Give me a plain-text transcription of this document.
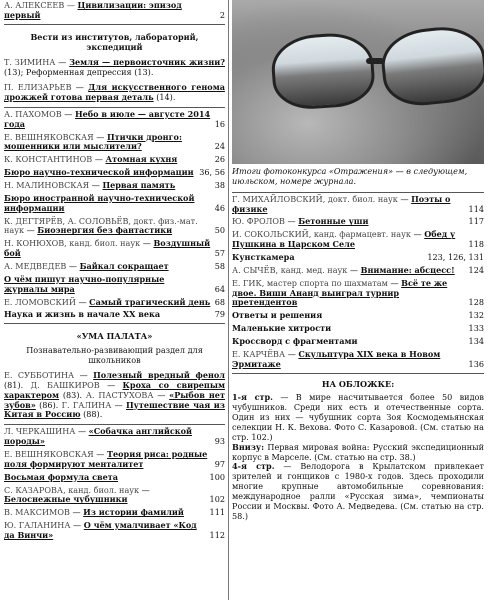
А. АЛЕКСЕЕВ — Цивилизации: эпизод первый	2
Вести из институтов, лабораторий, экспедиций
Т. ЗИМИНА — Земля — первоисточник жизни? (13); Реформенная депрессия (13).
П. ЕЛИЗАРЬЕВ — Для искусственного генома дрожжей готова первая деталь (14).
А. ПАХОМОВ — Небо в июле — августе 2014 года	16
Е. ВЕШНЯКОВСКАЯ — Птички дронго: мошенники или мыслители?	24
К. КОНСТАНТИНОВ — Атомная кухня	26
Бюро научно-технической информации 36, 56
Н. МАЛИНОВСКАЯ — Первая память	38
Бюро иностранной научно-технической информации	46
К. ДЕГТЯРЁВ, А. СОЛОВЬЁВ, докт. физ.-мат. наук — Биоэнергия без фантастики	50
Н. КОНЮХОВ, канд. биол. наук — Воздушный бой	57
А. МЕДВЕДЕВ — Байкал сокращает	58
О чём пишут научно-популярные журналы мира	64
Е. ЛОМОВСКИЙ — Самый трагический день 68
Наука и жизнь в начале XX века	79
«УМА ПАЛАТА»
Познавательно-развивающий раздел для школьников
Е. СУББОТИНА — Полезный вредный фенол (81). Д. БАШКИРОВ — Кроха со свирепым характером (83). А. ПАСТУХОВА — «Рыбов нет зубов» (86). Г. ГАЛИНА — Путешествие чая из Китая в Россию (88).
Л. ЧЕРКАШИНА — «Собачка английской породы»	93
Е. ВЕШНЯКОВСКАЯ — Теория риса: родные поля формируют менталитет	97
Восьмая формула света	100
С. КАЗАРОВА, канд. биол. наук — Белоснежные чубушники	102
В. МАКСИМОВ — Из истории фамилий	111
Ю. ГАЛАНИНА — О чём умалчивает «Код да Винчи»	112
Итоги фотоконкурса «Отражения» — в следующем, июльском, номере журнала.
Г. МИХАЙЛОВСКИЙ, докт. биол. наук — Поэты о физике	114
Ю. ФРОЛОВ — Бетонные уши	117
И. СОКОЛЬСКИЙ, канд. фармацевт. наук — Обед у Пушкина в Царском Селе	118
Кунсткамера	123, 126, 131
А. СЫЧЁВ, канд. мед. наук — Внимание: абсцесс!	124
Е. ГИК, мастер спорта по шахматам — Всё те же двое. Виши Ананд выиграл турнир претендентов	128
Ответы и решения	132
Маленькие хитрости	133
Кроссворд с фрагментами	134
Е. КАРЧЁВА — Скульптура XIX века в Новом Эрмитаже	136
НА ОБЛОЖКЕ:

1-я стр. — В мире насчитывается более 50 видов чубушников. Среди них есть и отечественные сорта. Один из них — чубушник сорта Зоя Космодемьянская селекции Н. К. Вехова. Фото С. Казаровой. (См. статью на стр. 102.)

Внизу: Первая мировая война: Русский экспедиционный корпус в Марселе. (См. статью на стр. 38.)

4-я стр. — Велодорога в Крылатском привлекает зрителей и гонщиков с 1980-х годов. Здесь проходили многие крупные автомобильные соревнования: международное ралли «Русская зима», чемпионаты России и Москвы. Фото А. Медведева. (См. статью на стр. 58.)
